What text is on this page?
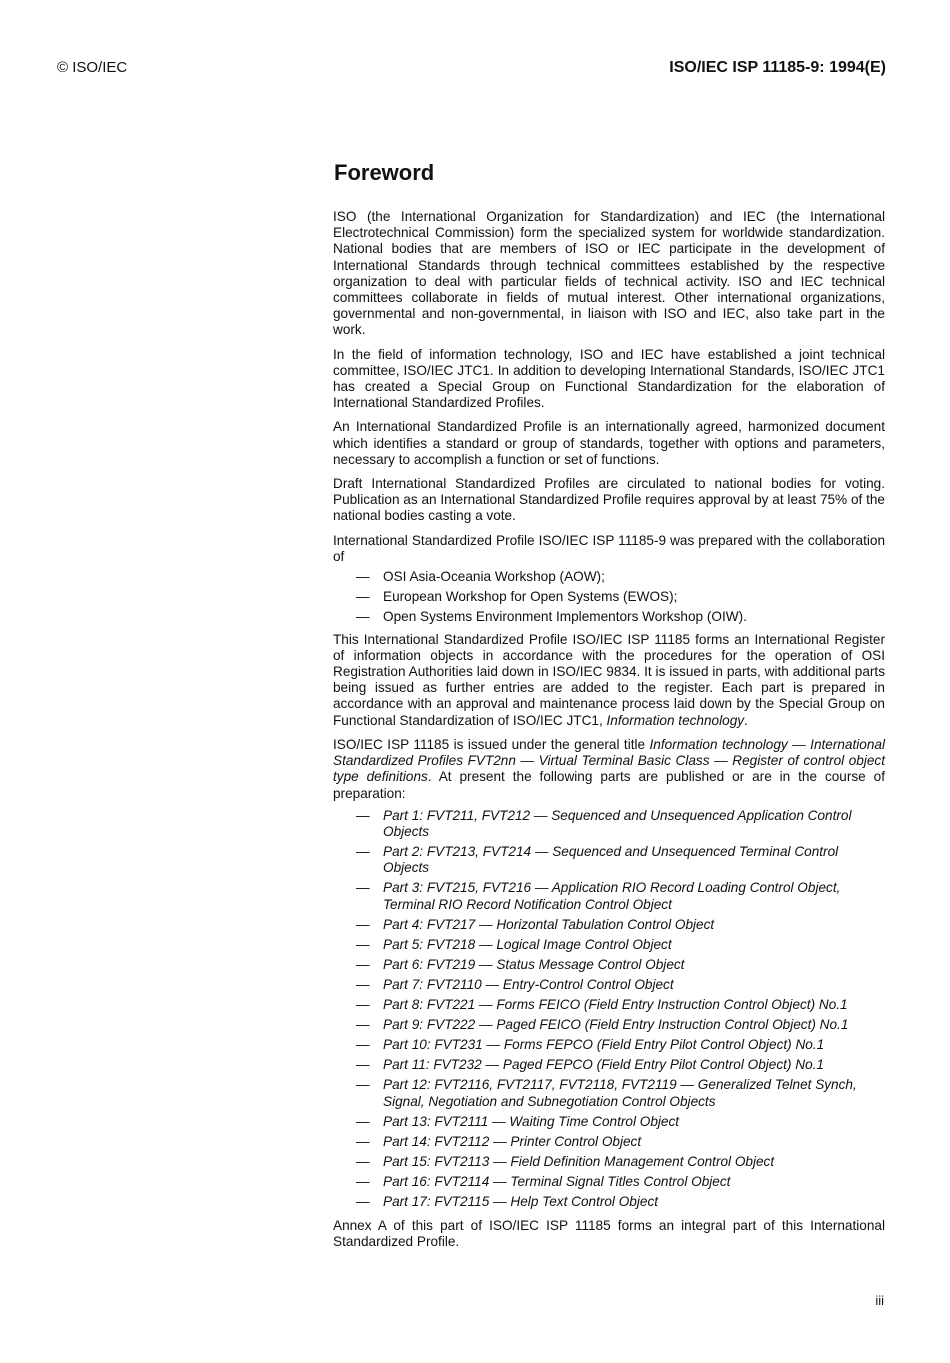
© ISO/IEC	ISO/IEC ISP 11185-9: 1994(E)
Foreword

ISO (the International Organization for Standardization) and IEC (the International Electrotechnical Commission) form the specialized system for worldwide standardization. National bodies that are members of ISO or IEC participate in the development of International Standards through technical committees established by the respective organization to deal with particular fields of technical activity. ISO and IEC technical committees collaborate in fields of mutual interest. Other international organizations, governmental and non-governmental, in liaison with ISO and IEC, also take part in the work.

In the field of information technology, ISO and IEC have established a joint technical committee, ISO/IEC JTC1. In addition to developing International Standards, ISO/IEC JTC1 has created a Special Group on Functional Standardization for the elaboration of International Standardized Profiles.

An International Standardized Profile is an internationally agreed, harmonized document which identifies a standard or group of standards, together with options and parameters, necessary to accomplish a function or set of functions.

Draft International Standardized Profiles are circulated to national bodies for voting. Publication as an International Standardized Profile requires approval by at least 75% of the national bodies casting a vote.

International Standardized Profile ISO/IEC ISP 11185-9 was prepared with the collaboration of

— OSI Asia-Oceania Workshop (AOW);
— European Workshop for Open Systems (EWOS);
— Open Systems Environment Implementors Workshop (OIW).

This International Standardized Profile ISO/IEC ISP 11185 forms an International Register of information objects in accordance with the procedures for the operation of OSI Registration Authorities laid down in ISO/IEC 9834. It is issued in parts, with additional parts being issued as further entries are added to the register. Each part is prepared in accordance with an approval and maintenance process laid down by the Special Group on Functional Standardization of ISO/IEC JTC1, Information technology.

ISO/IEC ISP 11185 is issued under the general title Information technology — International Standardized Profiles FVT2nn — Virtual Terminal Basic Class — Register of control object type definitions. At present the following parts are published or are in the course of preparation:

— Part 1: FVT211, FVT212 — Sequenced and Unsequenced Application Control Objects
— Part 2: FVT213, FVT214 — Sequenced and Unsequenced Terminal Control Objects
— Part 3: FVT215, FVT216 — Application RIO Record Loading Control Object, Terminal RIO Record Notification Control Object
— Part 4: FVT217 — Horizontal Tabulation Control Object
— Part 5: FVT218 — Logical Image Control Object
— Part 6: FVT219 — Status Message Control Object
— Part 7: FVT2110 — Entry-Control Control Object
— Part 8: FVT221 — Forms FEICO (Field Entry Instruction Control Object) No.1
— Part 9: FVT222 — Paged FEICO (Field Entry Instruction Control Object) No.1
— Part 10: FVT231 — Forms FEPCO (Field Entry Pilot Control Object) No.1
— Part 11: FVT232 — Paged FEPCO (Field Entry Pilot Control Object) No.1
— Part 12: FVT2116, FVT2117, FVT2118, FVT2119 — Generalized Telnet Synch, Signal, Negotiation and Subnegotiation Control Objects
— Part 13: FVT2111 — Waiting Time Control Object
— Part 14: FVT2112 — Printer Control Object
— Part 15: FVT2113 — Field Definition Management Control Object
— Part 16: FVT2114 — Terminal Signal Titles Control Object
— Part 17: FVT2115 — Help Text Control Object

Annex A of this part of ISO/IEC ISP 11185 forms an integral part of this International Standardized Profile.

iii
